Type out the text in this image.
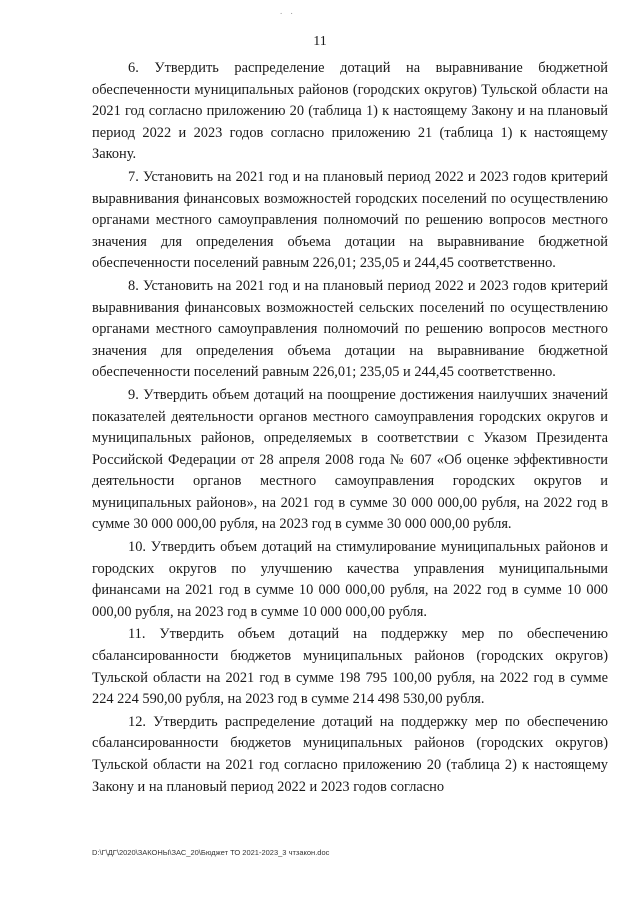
. .
11

6. Утвердить распределение дотаций на выравнивание бюджетной обеспеченности муниципальных районов (городских округов) Тульской области на 2021 год согласно приложению 20 (таблица 1) к настоящему Закону и на плановый период 2022 и 2023 годов согласно приложению 21 (таблица 1) к настоящему Закону.

7. Установить на 2021 год и на плановый период 2022 и 2023 годов критерий выравнивания финансовых возможностей городских поселений по осуществлению органами местного самоуправления полномочий по решению вопросов местного значения для определения объема дотации на выравнивание бюджетной обеспеченности поселений равным 226,01; 235,05 и 244,45 соответственно.

8. Установить на 2021 год и на плановый период 2022 и 2023 годов критерий выравнивания финансовых возможностей сельских поселений по осуществлению органами местного самоуправления полномочий по решению вопросов местного значения для определения объема дотации на выравнивание бюджетной обеспеченности поселений равным 226,01; 235,05 и 244,45 соответственно.

9. Утвердить объем дотаций на поощрение достижения наилучших значений показателей деятельности органов местного самоуправления городских округов и муниципальных районов, определяемых в соответствии с Указом Президента Российской Федерации от 28 апреля 2008 года № 607 «Об оценке эффективности деятельности органов местного самоуправления городских округов и муниципальных районов», на 2021 год в сумме 30 000 000,00 рубля, на 2022 год в сумме 30 000 000,00 рубля, на 2023 год в сумме 30 000 000,00 рубля.

10. Утвердить объем дотаций на стимулирование муниципальных районов и городских округов по улучшению качества управления муниципальными финансами на 2021 год в сумме 10 000 000,00 рубля, на 2022 год в сумме 10 000 000,00 рубля, на 2023 год в сумме 10 000 000,00 рубля.

11. Утвердить объем дотаций на поддержку мер по обеспечению сбалансированности бюджетов муниципальных районов (городских округов) Тульской области на 2021 год в сумме 198 795 100,00 рубля, на 2022 год в сумме 224 224 590,00 рубля, на 2023 год в сумме 214 498 530,00 рубля.

12. Утвердить распределение дотаций на поддержку мер по обеспечению сбалансированности бюджетов муниципальных районов (городских округов) Тульской области на 2021 год согласно приложению 20 (таблица 2) к настоящему Закону и на плановый период 2022 и 2023 годов согласно

D:\Г\ДГ\2020\ЗАКОНЫ\ЗАС_20\Бюджет ТО 2021-2023_3 чтзакон.doc
